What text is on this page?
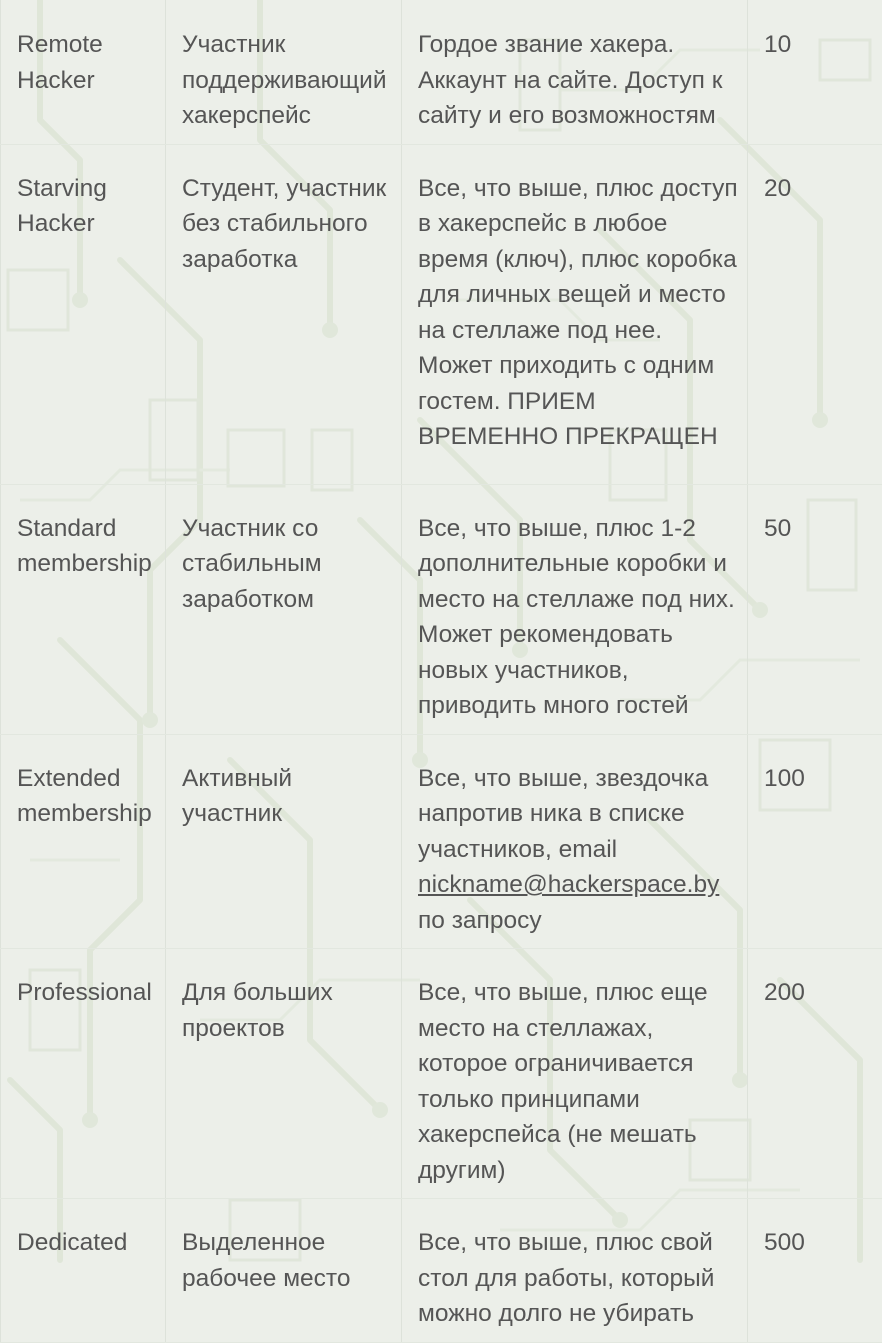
Remote Hacker	Участник поддерживающий хакерспейс	Гордое звание хакера. Аккаунт на сайте. Доступ к сайту и его возможностям	10

Starving Hacker	Студент, участник без стабильного заработка	Все, что выше, плюс доступ в хакерспейс в любое время (ключ), плюс коробка для личных вещей и место на стеллаже под нее. Может приходить с одним гостем. ПРИЕМ ВРЕМЕННО ПРЕКРАЩЕН	20

Standard membership	Участник со стабильным заработком	Все, что выше, плюс 1-2 дополнительные коробки и место на стеллаже под них. Может рекомендовать новых участников, приводить много гостей	50

Extended membership	Активный участник	Все, что выше, звездочка напротив ника в списке участников, email nickname@hackerspace.by по запросу	100

Professional	Для больших проектов	Все, что выше, плюс еще место на стеллажах, которое ограничивается только принципами хакерспейса (не мешать другим)	200

Dedicated	Выделенное рабочее место	Все, что выше, плюс свой стол для работы, который можно долго не убирать	500
